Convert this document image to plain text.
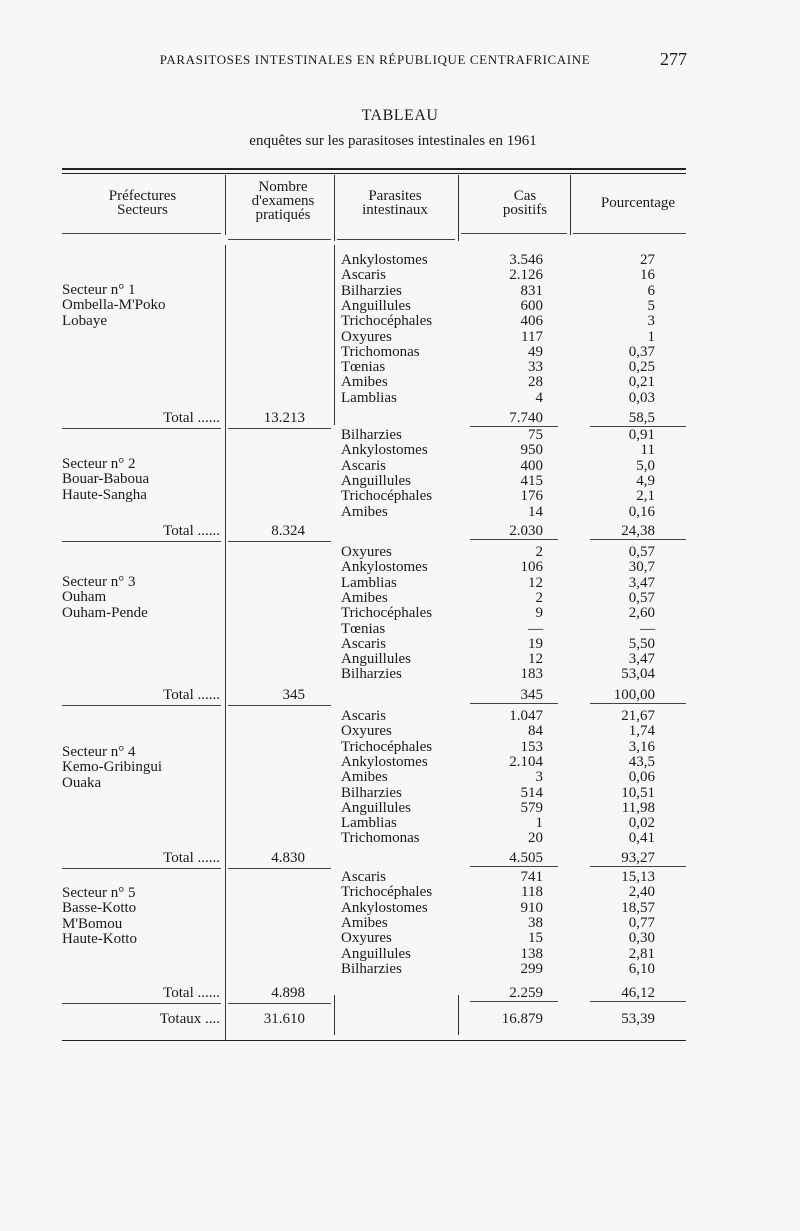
PARASITOSES INTESTINALES EN RÉPUBLIQUE CENTRAFRICAINE	277
TABLEAU
enquêtes sur les parasitoses intestinales en 1961
Préfectures
Secteurs
Nombre
d'examens
pratiqués
Parasites
intestinaux
Cas
positifs	Pourcentage
Secteur n° 1
Ombella-M'Poko
Lobaye
Ankylostomes	3.546	27
Ascaris	2.126	16
Bilharzies	831	6
Anguillules	600	5
Trichocéphales	406	3
Oxyures	117	1
Trichomonas	49	0,37
Tœnias	33	0,25
Amibes	28	0,21
Lamblias	4	0,03
Total ......	13.213	7.740	58,5
Secteur n° 2
Bouar-Baboua
Haute-Sangha
Bilharzies	75	0,91
Ankylostomes	950	11
Ascaris	400	5,0
Anguillules	415	4,9
Trichocéphales	176	2,1
Amibes	14	0,16
Total ......	8.324	2.030	24,38
Secteur n° 3
Ouham
Ouham-Pende
Oxyures	2	0,57
Ankylostomes	106	30,7
Lamblias	12	3,47
Amibes	2	0,57
Trichocéphales	9	2,60
Tœnias	—	—
Ascaris	19	5,50
Anguillules	12	3,47
Bilharzies	183	53,04
Total ......	345	345	100,00
Secteur n° 4
Kemo-Gribingui
Ouaka
Ascaris	1.047	21,67
Oxyures	84	1,74
Trichocéphales	153	3,16
Ankylostomes	2.104	43,5
Amibes	3	0,06
Bilharzies	514	10,51
Anguillules	579	11,98
Lamblias	1	0,02
Trichomonas	20	0,41
Total ......	4.830	4.505	93,27
Secteur n° 5
Basse-Kotto
M'Bomou
Haute-Kotto
Ascaris	741	15,13
Trichocéphales	118	2,40
Ankylostomes	910	18,57
Amibes	38	0,77
Oxyures	15	0,30
Anguillules	138	2,81
Bilharzies	299	6,10
Total ......	4.898	2.259	46,12
Totaux ....	31.610	16.879	53,39
